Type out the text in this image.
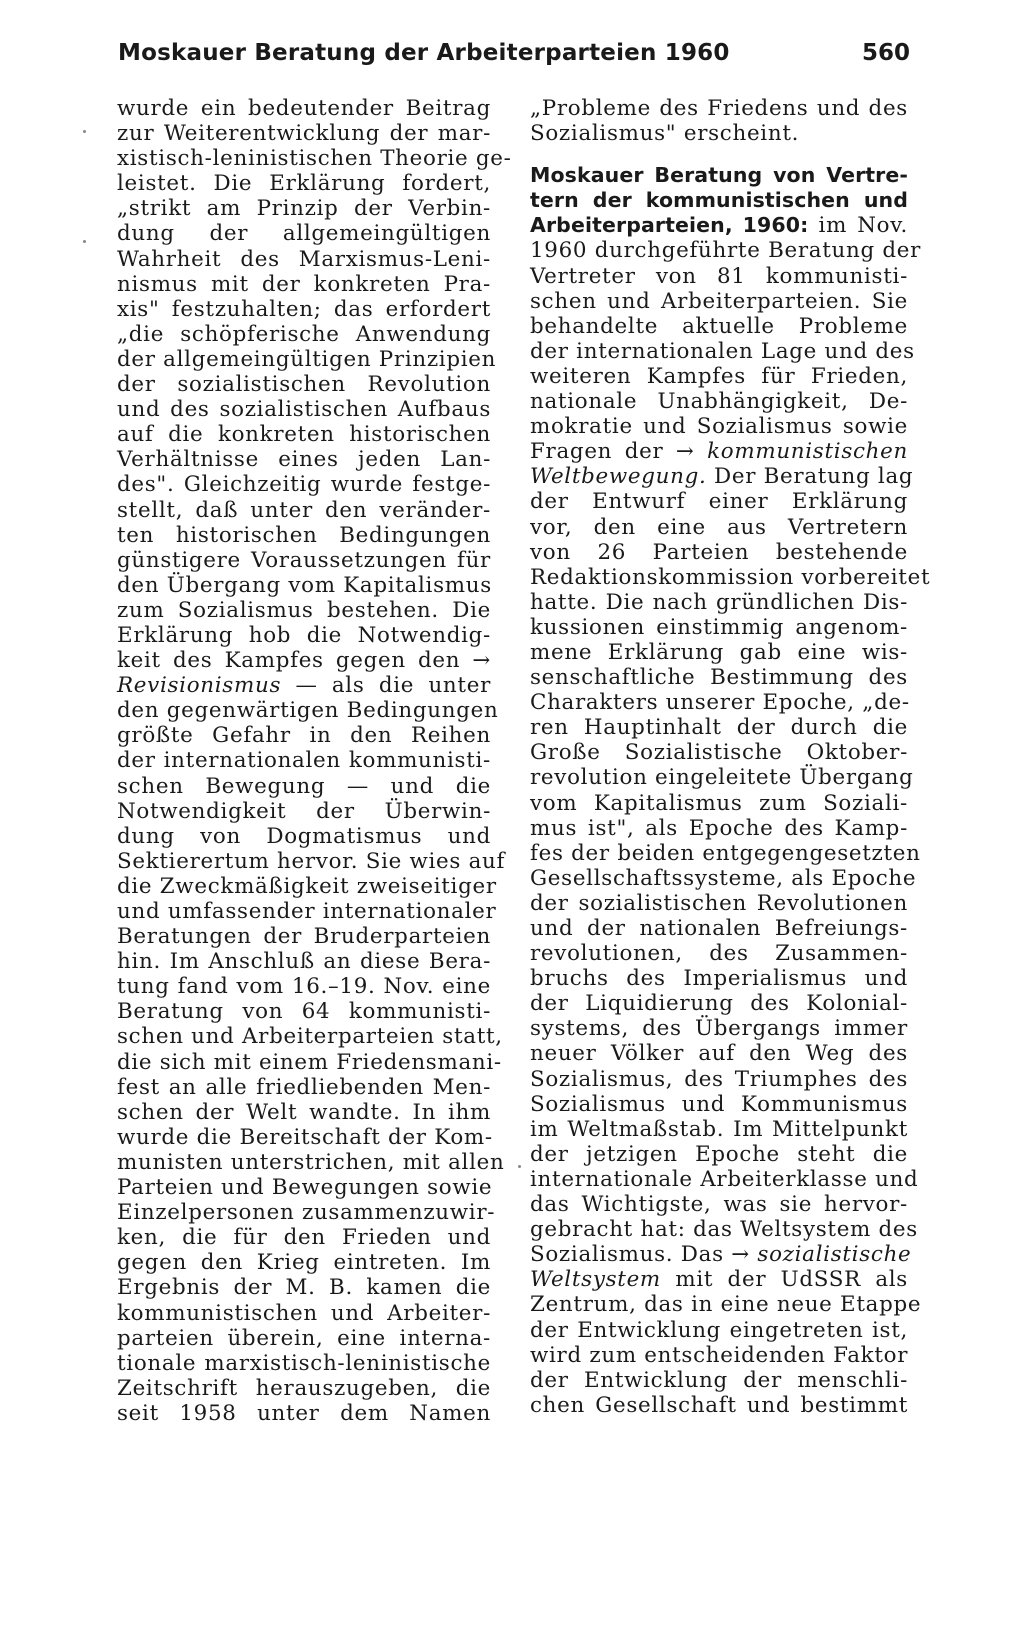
Moskauer Beratung der Arbeiterparteien 1960	560
wurde ein bedeutender Beitrag
zur Weiterentwicklung der mar-
xistisch-leninistischen Theorie ge-
leistet. Die Erklärung fordert,
„strikt am Prinzip der Verbin-
dung der allgemeingültigen
Wahrheit des Marxismus-Leni-
nismus mit der konkreten Pra-
xis" festzuhalten; das erfordert
„die schöpferische Anwendung
der allgemeingültigen Prinzipien
der sozialistischen Revolution
und des sozialistischen Aufbaus
auf die konkreten historischen
Verhältnisse eines jeden Lan-
des". Gleichzeitig wurde festge-
stellt, daß unter den veränder-
ten historischen Bedingungen
günstigere Voraussetzungen für
den Übergang vom Kapitalismus
zum Sozialismus bestehen. Die
Erklärung hob die Notwendig-
keit des Kampfes gegen den →
Revisionismus — als die unter
den gegenwärtigen Bedingungen
größte Gefahr in den Reihen
der internationalen kommunisti-
schen Bewegung — und die
Notwendigkeit der Überwin-
dung von Dogmatismus und
Sektierertum hervor. Sie wies auf
die Zweckmäßigkeit zweiseitiger
und umfassender internationaler
Beratungen der Bruderparteien
hin. Im Anschluß an diese Bera-
tung fand vom 16.–19. Nov. eine
Beratung von 64 kommunisti-
schen und Arbeiterparteien statt,
die sich mit einem Friedensmani-
fest an alle friedliebenden Men-
schen der Welt wandte. In ihm
wurde die Bereitschaft der Kom-
munisten unterstrichen, mit allen
Parteien und Bewegungen sowie
Einzelpersonen zusammenzuwir-
ken, die für den Frieden und
gegen den Krieg eintreten. Im
Ergebnis der M. B. kamen die
kommunistischen und Arbeiter-
parteien überein, eine interna-
tionale marxistisch-leninistische
Zeitschrift herauszugeben, die
seit 1958 unter dem Namen
„Probleme des Friedens und des
Sozialismus" erscheint.
Moskauer Beratung von Vertre-
tern der kommunistischen und
Arbeiterparteien, 1960: im Nov.
1960 durchgeführte Beratung der
Vertreter von 81 kommunisti-
schen und Arbeiterparteien. Sie
behandelte aktuelle Probleme
der internationalen Lage und des
weiteren Kampfes für Frieden,
nationale Unabhängigkeit, De-
mokratie und Sozialismus sowie
Fragen der → kommunistischen
Weltbewegung. Der Beratung lag
der Entwurf einer Erklärung
vor, den eine aus Vertretern
von 26 Parteien bestehende
Redaktionskommission vorbereitet
hatte. Die nach gründlichen Dis-
kussionen einstimmig angenom-
mene Erklärung gab eine wis-
senschaftliche Bestimmung des
Charakters unserer Epoche, „de-
ren Hauptinhalt der durch die
Große Sozialistische Oktober-
revolution eingeleitete Übergang
vom Kapitalismus zum Soziali-
mus ist", als Epoche des Kamp-
fes der beiden entgegengesetzten
Gesellschaftssysteme, als Epoche
der sozialistischen Revolutionen
und der nationalen Befreiungs-
revolutionen, des Zusammen-
bruchs des Imperialismus und
der Liquidierung des Kolonial-
systems, des Übergangs immer
neuer Völker auf den Weg des
Sozialismus, des Triumphes des
Sozialismus und Kommunismus
im Weltmaßstab. Im Mittelpunkt
der jetzigen Epoche steht die
internationale Arbeiterklasse und
das Wichtigste, was sie hervor-
gebracht hat: das Weltsystem des
Sozialismus. Das → sozialistische
Weltsystem mit der UdSSR als
Zentrum, das in eine neue Etappe
der Entwicklung eingetreten ist,
wird zum entscheidenden Faktor
der Entwicklung der menschli-
chen Gesellschaft und bestimmt
